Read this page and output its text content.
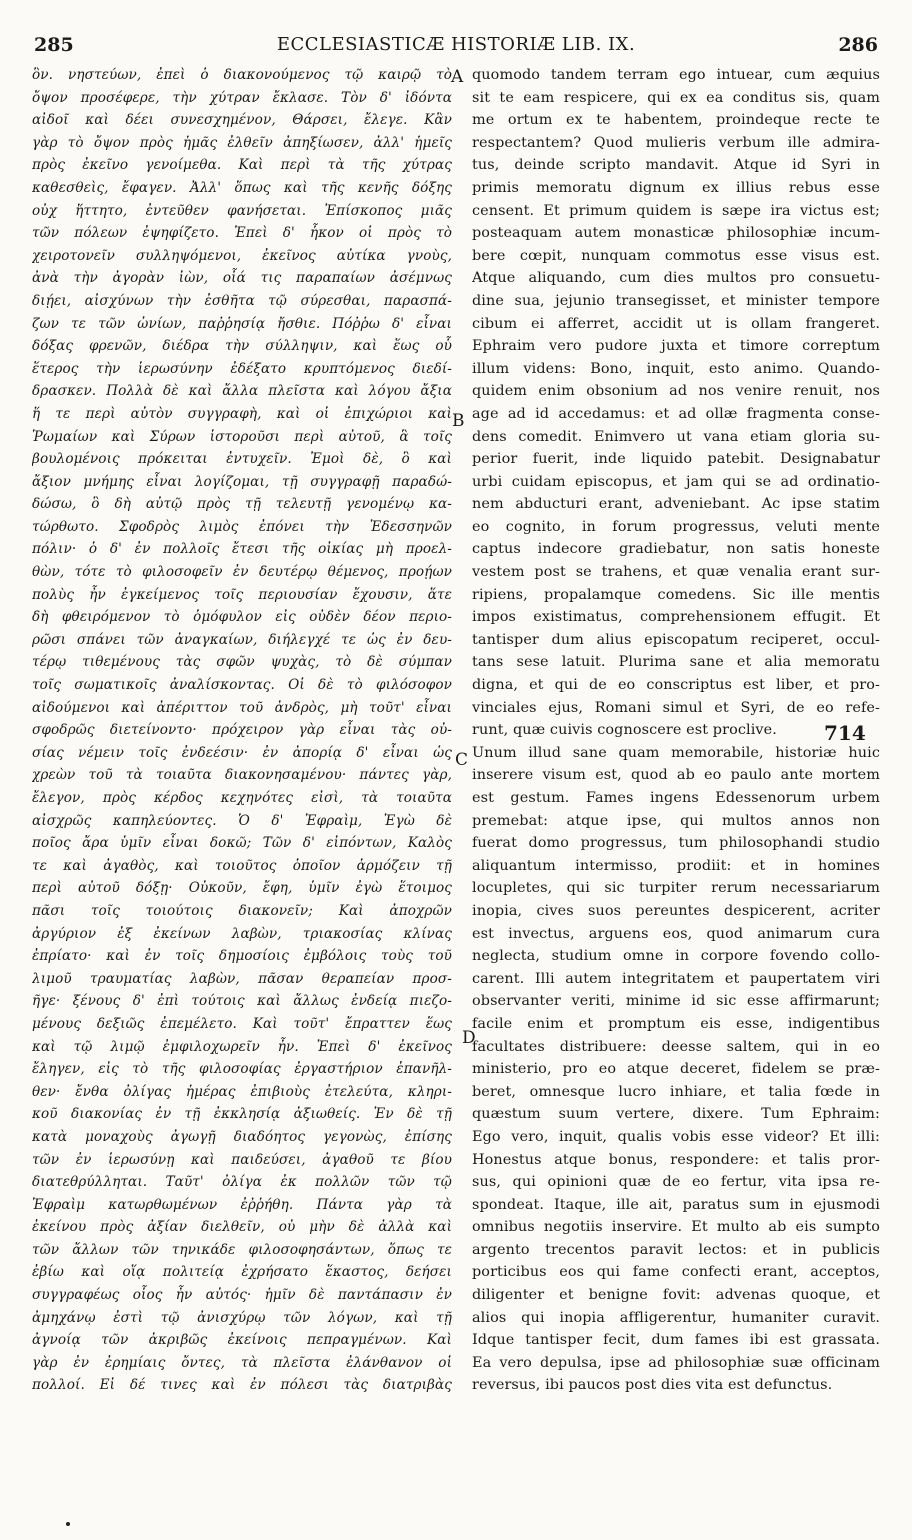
285	ECCLESIASTICÆ HISTORIÆ LIB. IX.	286
ὃν. νηστεύων, ἐπεὶ ὁ διακονούμενος τῷ καιρῷ τὸ
ὄψον προσέφερε, τὴν χύτραν ἔκλασε. Τὸν δ' ἰδόντα
αἰδοῖ καὶ δέει συνεσχημένον, Θάρσει, ἔλεγε. Κἂν
γὰρ τὸ ὄψον πρὸς ἡμᾶς ἐλθεῖν ἀπηξίωσεν, ἀλλ' ἡμεῖς
πρὸς ἐκεῖνο γενοίμεθα. Καὶ περὶ τὰ τῆς χύτρας
καθεσθεὶς, ἔφαγεν. Ἀλλ' ὅπως καὶ τῆς κενῆς δόξης
οὐχ ἥττητο, ἐντεῦθεν φανήσεται. Ἐπίσκοπος μιᾶς
τῶν πόλεων ἐψηφίζετο. Ἐπεὶ δ' ἧκον οἱ πρὸς τὸ
χειροτονεῖν συλληψόμενοι, ἐκεῖνος αὐτίκα γνοὺς,
ἀνὰ τὴν ἀγορὰν ἰὼν, οἷά τις παραπαίων ἀσέμνως
διῄει, αἰσχύνων τὴν ἐσθῆτα τῷ σύρεσθαι, παρασπά-
ζων τε τῶν ὠνίων, παῤῥησίᾳ ἤσθιε. Πόῤῥω δ' εἶναι
δόξας φρενῶν, διέδρα τὴν σύλληψιν, καὶ ἕως οὗ
ἕτερος τὴν ἱερωσύνην ἐδέξατο κρυπτόμενος διεδί-
δρασκεν. Πολλὰ δὲ καὶ ἄλλα πλεῖστα καὶ λόγου ἄξια
ἥ τε περὶ αὐτὸν συγγραφὴ, καὶ οἱ ἐπιχώριοι καὶ
Ῥωμαίων καὶ Σύρων ἱστοροῦσι περὶ αὐτοῦ, ἃ τοῖς
βουλομένοις πρόκειται ἐντυχεῖν. Ἐμοὶ δὲ, ὃ καὶ
ἄξιον μνήμης εἶναι λογίζομαι, τῇ συγγραφῇ παραδώ-
δώσω, ὃ δὴ αὐτῷ πρὸς τῇ τελευτῇ γενομένῳ κα-
τώρθωτο. Σφοδρὸς λιμὸς ἐπόνει τὴν Ἐδεσσηνῶν
πόλιν· ὁ δ' ἐν πολλοῖς ἔτεσι τῆς οἰκίας μὴ προελ-
θὼν, τότε τὸ φιλοσοφεῖν ἐν δευτέρῳ θέμενος, προῄων
πολὺς ἦν ἐγκείμενος τοῖς περιουσίαν ἔχουσιν, ἅτε
δὴ φθειρόμενον τὸ ὁμόφυλον εἰς οὐδὲν δέον περιο-
ρῶσι σπάνει τῶν ἀναγκαίων, διήλεγχέ τε ὡς ἐν δευ-
τέρῳ τιθεμένους τὰς σφῶν ψυχὰς, τὸ δὲ σύμπαν
τοῖς σωματικοῖς ἀναλίσκοντας. Οἱ δὲ τὸ φιλόσοφον
αἰδούμενοι καὶ ἀπέριττον τοῦ ἀνδρὸς, μὴ τοῦτ' εἶναι
σφοδρῶς διετείνοντο· πρόχειρον γὰρ εἶναι τὰς οὐ-
σίας νέμειν τοῖς ἐνδεέσιν· ἐν ἀπορίᾳ δ' εἶναι ὡς
χρεὼν τοῦ τὰ τοιαῦτα διακονησαμένου· πάντες γὰρ,
ἔλεγον, πρὸς κέρδος κεχηνότες εἰσὶ, τὰ τοιαῦτα
αἰσχρῶς καπηλεύοντες. Ὁ δ' Ἐφραὶμ, Ἐγὼ δὲ
ποῖος ἄρα ὑμῖν εἶναι δοκῶ; Τῶν δ' εἰπόντων, Καλὸς
τε καὶ ἀγαθὸς, καὶ τοιοῦτος ὁποῖον ἁρμόζειν τῇ
περὶ αὐτοῦ δόξῃ· Οὐκοῦν, ἔφη, ὑμῖν ἐγὼ ἕτοιμος
πᾶσι τοῖς τοιούτοις διακονεῖν; Καὶ ἀποχρῶν
ἀργύριον ἐξ ἐκείνων λαβὼν, τριακοσίας κλίνας
ἐπρίατο· καὶ ἐν τοῖς δημοσίοις ἐμβόλοις τοὺς τοῦ
λιμοῦ τραυματίας λαβὼν, πᾶσαν θεραπείαν προσ-
ῆγε· ξένους δ' ἐπὶ τούτοις καὶ ἄλλως ἐνδείᾳ πιεζο-
μένους δεξιῶς ἐπεμέλετο. Καὶ τοῦτ' ἔπραττεν ἕως
καὶ τῷ λιμῷ ἐμφιλοχωρεῖν ἦν. Ἐπεὶ δ' ἐκεῖνος
ἔληγεν, εἰς τὸ τῆς φιλοσοφίας ἐργαστήριον ἐπανῆλ-
θεν· ἔνθα ὀλίγας ἡμέρας ἐπιβιοὺς ἐτελεύτα, κληρι-
κοῦ διακονίας ἐν τῇ ἐκκλησίᾳ ἀξιωθείς. Ἐν δὲ τῇ
κατὰ μοναχοὺς ἀγωγῇ διαδόητος γεγονὼς, ἐπίσης
τῶν ἐν ἱερωσύνῃ καὶ παιδεύσει, ἀγαθοῦ τε βίου
διατεθρύλληται. Ταῦτ' ὀλίγα ἐκ πολλῶν τῶν τῷ
Ἐφραὶμ κατωρθωμένων ἐῤῥήθη. Πάντα γὰρ τὰ
ἐκείνου πρὸς ἀξίαν διελθεῖν, οὐ μὴν δὲ ἀλλὰ καὶ
τῶν ἄλλων τῶν τηνικάδε φιλοσοφησάντων, ὅπως τε
ἐβίω καὶ οἵᾳ πολιτείᾳ ἐχρήσατο ἕκαστος, δεήσει
συγγραφέως οἷος ἦν αὐτός· ἡμῖν δὲ παντάπασιν ἐν
ἀμηχάνῳ ἐστὶ τῷ ἀνισχύρῳ τῶν λόγων, καὶ τῇ
ἀγνοίᾳ τῶν ἀκριβῶς ἐκείνοις πεπραγμένων. Καὶ
γὰρ ἐν ἐρημίαις ὄντες, τὰ πλεῖστα ἐλάνθανον οἱ
πολλοί. Εἰ δέ τινες καὶ ἐν πόλεσι τὰς διατριβὰς
quomodo tandem terram ego intuear, cum æquius
sit te eam respicere, qui ex ea conditus sis, quam
me ortum ex te habentem, proindeque recte te
respectantem? Quod mulieris verbum ille admira-
tus, deinde scripto mandavit. Atque id Syri in
primis memoratu dignum ex illius rebus esse
censent. Et primum quidem is sæpe ira victus est;
posteaquam autem monasticæ philosophiæ incum-
bere cœpit, nunquam commotus esse visus est.
Atque aliquando, cum dies multos pro consuetu-
dine sua, jejunio transegisset, et minister tempore
cibum ei afferret, accidit ut is ollam frangeret.
Ephraim vero pudore juxta et timore correptum
illum videns: Bono, inquit, esto animo. Quando-
quidem enim obsonium ad nos venire renuit, nos
age ad id accedamus: et ad ollæ fragmenta conse-
dens comedit. Enimvero ut vana etiam gloria su-
perior fuerit, inde liquido patebit. Designabatur
urbi cuidam episcopus, et jam qui se ad ordinatio-
nem abducturi erant, adveniebant. Ac ipse statim
eo cognito, in forum progressus, veluti mente
captus indecore gradiebatur, non satis honeste
vestem post se trahens, et quæ venalia erant sur-
ripiens, propalamque comedens. Sic ille mentis
impos existimatus, comprehensionem effugit. Et
tantisper dum alius episcopatum reciperet, occul-
tans sese latuit. Plurima sane et alia memoratu
digna, et qui de eo conscriptus est liber, et pro-
vinciales ejus, Romani simul et Syri, de eo refe-
runt, quæ cuivis cognoscere est proclive.
Unum illud sane quam memorabile, historiæ huic
inserere visum est, quod ab eo paulo ante mortem
est gestum. Fames ingens Edessenorum urbem
premebat: atque ipse, qui multos annos non
fuerat domo progressus, tum philosophandi studio
aliquantum intermisso, prodiit: et in homines
locupletes, qui sic turpiter rerum necessariarum
inopia, cives suos pereuntes despicerent, acriter
est invectus, arguens eos, quod animarum cura
neglecta, studium omne in corpore fovendo collo-
carent. Illi autem integritatem et paupertatem viri
observanter veriti, minime id sic esse affirmarunt;
facile enim et promptum eis esse, indigentibus
facultates distribuere: deesse saltem, qui in eo
ministerio, pro eo atque deceret, fidelem se præ-
beret, omnesque lucro inhiare, et talia fœde in
quæstum suum vertere, dixere. Tum Ephraim:
Ego vero, inquit, qualis vobis esse videor? Et illi:
Honestus atque bonus, respondere: et talis pror-
sus, qui opinioni quæ de eo fertur, vita ipsa re-
spondeat. Itaque, ille ait, paratus sum in ejusmodi
omnibus negotiis inservire. Et multo ab eis sumpto
argento trecentos paravit lectos: et in publicis
porticibus eos qui fame confecti erant, acceptos,
diligenter et benigne fovit: advenas quoque, et
alios qui inopia affligerentur, humaniter curavit.
Idque tantisper fecit, dum fames ibi est grassata.
Ea vero depulsa, ipse ad philosophiæ suæ officinam
reversus, ibi paucos post dies vita est defunctus.
A
B
C
D
714
